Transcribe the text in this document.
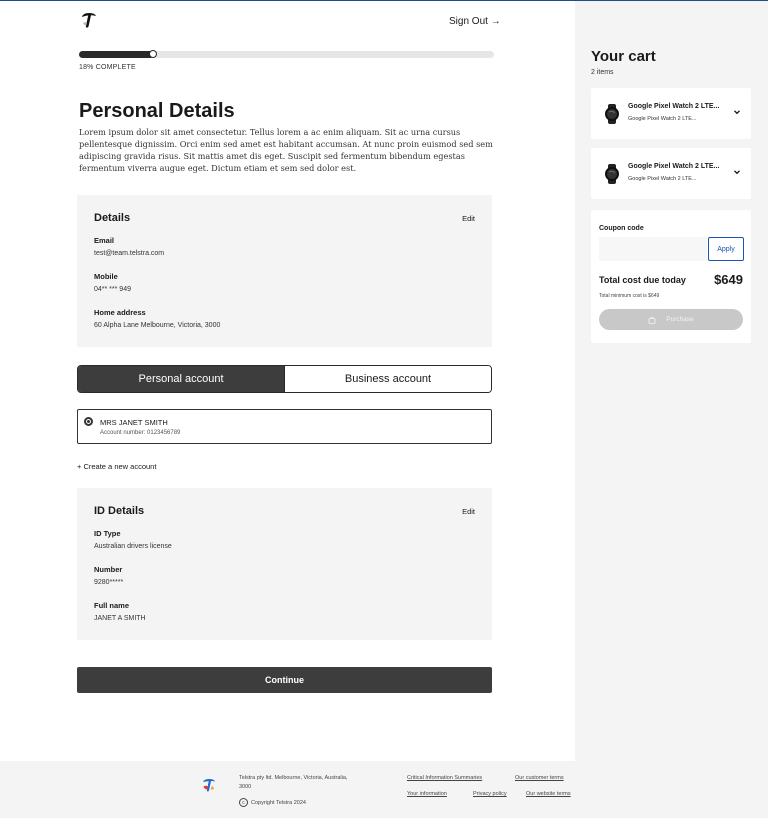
Sign Out →
18% COMPLETE
Personal Details
Lorem ipsum dolor sit amet consectetur. Tellus lorem a ac enim aliquam. Sit ac urna cursus pellentesque dignissim. Orci enim sed amet est habitant accumsan. At nunc proin euismod sed sem adipiscing gravida risus. Sit mattis amet dis eget. Suscipit sed fermentum bibendum egestas fermentum viverra augue eget. Dictum etiam et sem sed dolor est.
Details	Edit
Email
test@team.telstra.com
Mobile
04** *** 949
Home address
60 Alpha Lane Melbourne, Victoria, 3000
Personal account	Business account
MRS JANET SMITH
Account number: 0123456789
+ Create a new account
ID Details	Edit
ID Type
Australian drivers license
Number
9280*****
Full name
JANET A SMITH
Continue
Your cart
2 items
Google Pixel Watch 2 LTE...
Google Pixel Watch 2 LTE...
Google Pixel Watch 2 LTE...
Google Pixel Watch 2 LTE...
Coupon code
Apply
Total cost due today $649
Total minimum cost is $649
Purchase
Telstra pty ltd. Melbourne, Victoria, Australia, 3000
c	Copyright Telstra 2024
Critical Information Summaries	Our customer terms
Your information	Privacy policy	Our website terms
